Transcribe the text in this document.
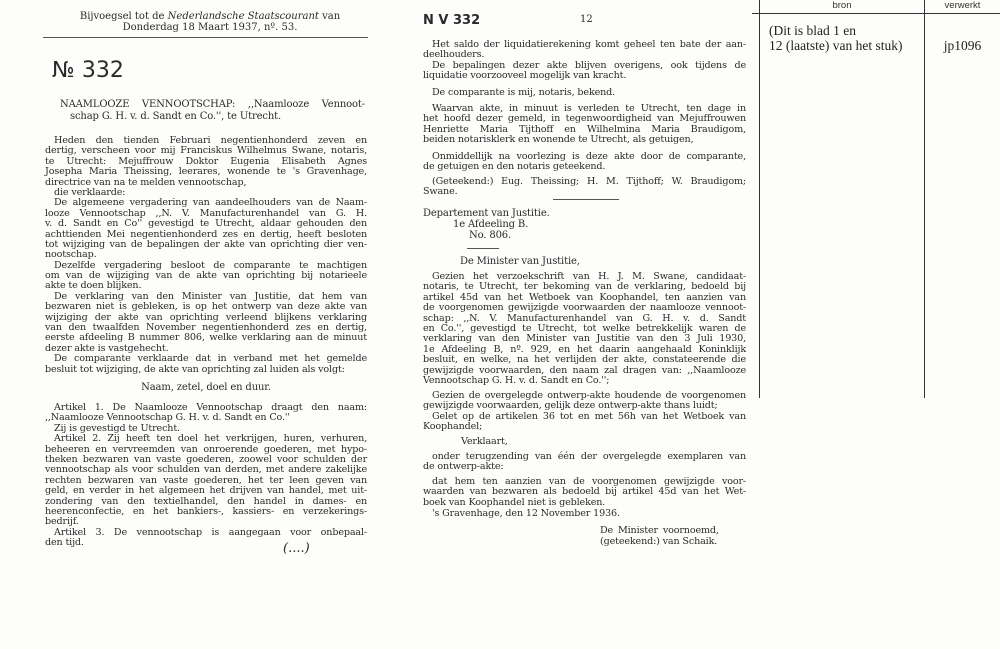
Bijvoegsel tot de Nederlandsche Staatscourant van
Donderdag 18 Maart 1937, nº. 53.
№ 332
NAAMLOOZE VENNOOTSCHAP: ,,Naamlooze Vennoot-
schap G. H. v. d. Sandt en Co.'', te Utrecht.
Heden den tienden Februari negentienhonderd zeven en
dertig, verscheen voor mij Franciskus Wilhelmus Swane, notaris,
te Utrecht: Mejuffrouw Doktor Eugenia Elisabeth Agnes
Josepha Maria Theissing, leerares, wonende te 's Gravenhage,
directrice van na te melden vennootschap,
die verklaarde:
De algemeene vergadering van aandeelhouders van de Naam-
looze Vennootschap ,,N. V. Manufacturenhandel van G. H.
v. d. Sandt en Co'' gevestigd te Utrecht, aldaar gehouden den
achttienden Mei negentienhonderd zes en dertig, heeft besloten
tot wijziging van de bepalingen der akte van oprichting dier ven-
nootschap.
Dezelfde vergadering besloot de comparante te machtigen
om van de wijziging van de akte van oprichting bij notarieele
akte te doen blijken.
De verklaring van den Minister van Justitie, dat hem van
bezwaren niet is gebleken, is op het ontwerp van deze akte van
wijziging der akte van oprichting verleend blijkens verklaring
van den twaalfden November negentienhonderd zes en dertig,
eerste afdeeling B nummer 806, welke verklaring aan de minuut
dezer akte is vastgehecht.
De comparante verklaarde dat in verband met het gemelde
besluit tot wijziging, de akte van oprichting zal luiden als volgt:
Naam, zetel, doel en duur.
Artikel 1. De Naamlooze Vennootschap draagt den naam:
,,Naamlooze Vennootschap G. H. v. d. Sandt en Co.''
Zij is gevestigd te Utrecht.
Artikel 2. Zij heeft ten doel het verkrijgen, huren, verhuren,
beheeren en vervreemden van onroerende goederen, met hypo-
theken bezwaren van vaste goederen, zoowel voor schulden der
vennootschap als voor schulden van derden, met andere zakelijke
rechten bezwaren van vaste goederen, het ter leen geven van
geld, en verder in het algemeen het drijven van handel, met uit-
zondering van den textielhandel, den handel in dames- en
heerenconfectie, en het bankiers-, kassiers- en verzekerings-
bedrijf.
Artikel 3. De vennootschap is aangegaan voor onbepaal-
den tijd.	(....)
N V 332	12
Het saldo der liquidatierekening komt geheel ten bate der aan-
deelhouders.
De bepalingen dezer akte blijven overigens, ook tijdens de
liquidatie voorzooveel mogelijk van kracht.
De comparante is mij, notaris, bekend.
Waarvan akte, in minuut is verleden te Utrecht, ten dage in
het hoofd dezer gemeld, in tegenwoordigheid van Mejuffrouwen
Henriette Maria Tijthoff en Wilhelmina Maria Braudigom,
beiden notarisklerk en wonende te Utrecht, als getuigen,
Onmiddellijk na voorlezing is deze akte door de comparante,
de getuigen en den notaris geteekend.
(Geteekend:) Eug. Theissing; H. M. Tijthoff; W. Braudigom;
Swane.
Departement van Justitie.
1e Afdeeling B.
No. 806.
De Minister van Justitie,
Gezien het verzoekschrift van H. J. M. Swane, candidaat-
notaris, te Utrecht, ter bekoming van de verklaring, bedoeld bij
artikel 45d van het Wetboek van Koophandel, ten aanzien van
de voorgenomen gewijzigde voorwaarden der naamlooze vennoot-
schap: ,,N. V. Manufacturenhandel van G. H. v. d. Sandt
en Co.'', gevestigd te Utrecht, tot welke betrekkelijk waren de
verklaring van den Minister van Justitie van den 3 Juli 1930,
1e Afdeeling B, nº. 929, en het daarin aangehaald Koninklijk
besluit, en welke, na het verlijden der akte, constateerende die
gewijzigde voorwaarden, den naam zal dragen van: ,,Naamlooze
Vennootschap G. H. v. d. Sandt en Co.'';
Gezien de overgelegde ontwerp-akte houdende de voorgenomen
gewijzigde voorwaarden, gelijk deze ontwerp-akte thans luidt;
Gelet op de artikelen 36 tot en met 56h van het Wetboek van
Koophandel;
Verklaart,
onder terugzending van één der overgelegde exemplaren van
de ontwerp-akte:
dat hem ten aanzien van de voorgenomen gewijzigde voor-
waarden van bezwaren als bedoeld bij artikel 45d van het Wet-
boek van Koophandel niet is gebleken.
's Gravenhage, den 12 November 1936.
De Minister voornoemd,
(geteekend:) van Schaik.
bron	verwerkt
(Dit is blad 1 en
12 (laatste) van het stuk)	jp1096
